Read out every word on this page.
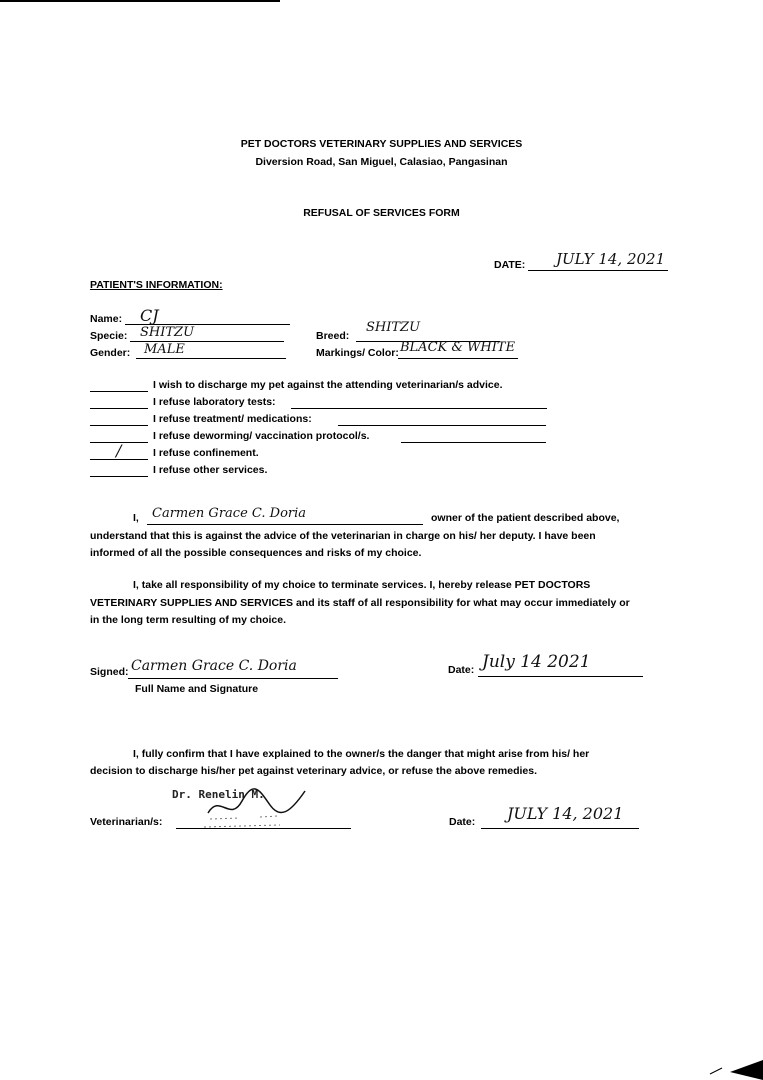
PET DOCTORS VETERINARY SUPPLIES AND SERVICES
Diversion Road, San Miguel, Calasiao, Pangasinan
REFUSAL OF SERVICES FORM
DATE: JULY 14, 2021
PATIENT'S INFORMATION:
Name: CJ
Specie: SHITZU
Gender: MALE
Breed:
SHITZU
Markings/ Color: BLACK & WHITE
I wish to discharge my pet against the attending veterinarian/s advice.
I refuse laboratory tests:
I refuse treatment/ medications:
I refuse deworming/ vaccination protocol/s.
/	I refuse confinement.
I refuse other services.
I, Carmen Grace C. Doria	owner of the patient described above,
understand that this is against the advice of the veterinarian in charge on his/ her deputy. I have been
informed of all the possible consequences and risks of my choice.
I, take all responsibility of my choice to terminate services. I, hereby release PET DOCTORS
VETERINARY SUPPLIES AND SERVICES and its staff of all responsibility for what may occur immediately or
in the long term resulting of my choice.
Signed: Carmen Grace C. Doria
Full Name and Signature
Date: July 14 2021
I, fully confirm that I have explained to the owner/s the danger that might arise from his/ her
decision to discharge his/her pet against veterinary advice, or refuse the above remedies.
Veterinarian/s:
Dr. Renelin M.
Date: JULY 14, 2021
